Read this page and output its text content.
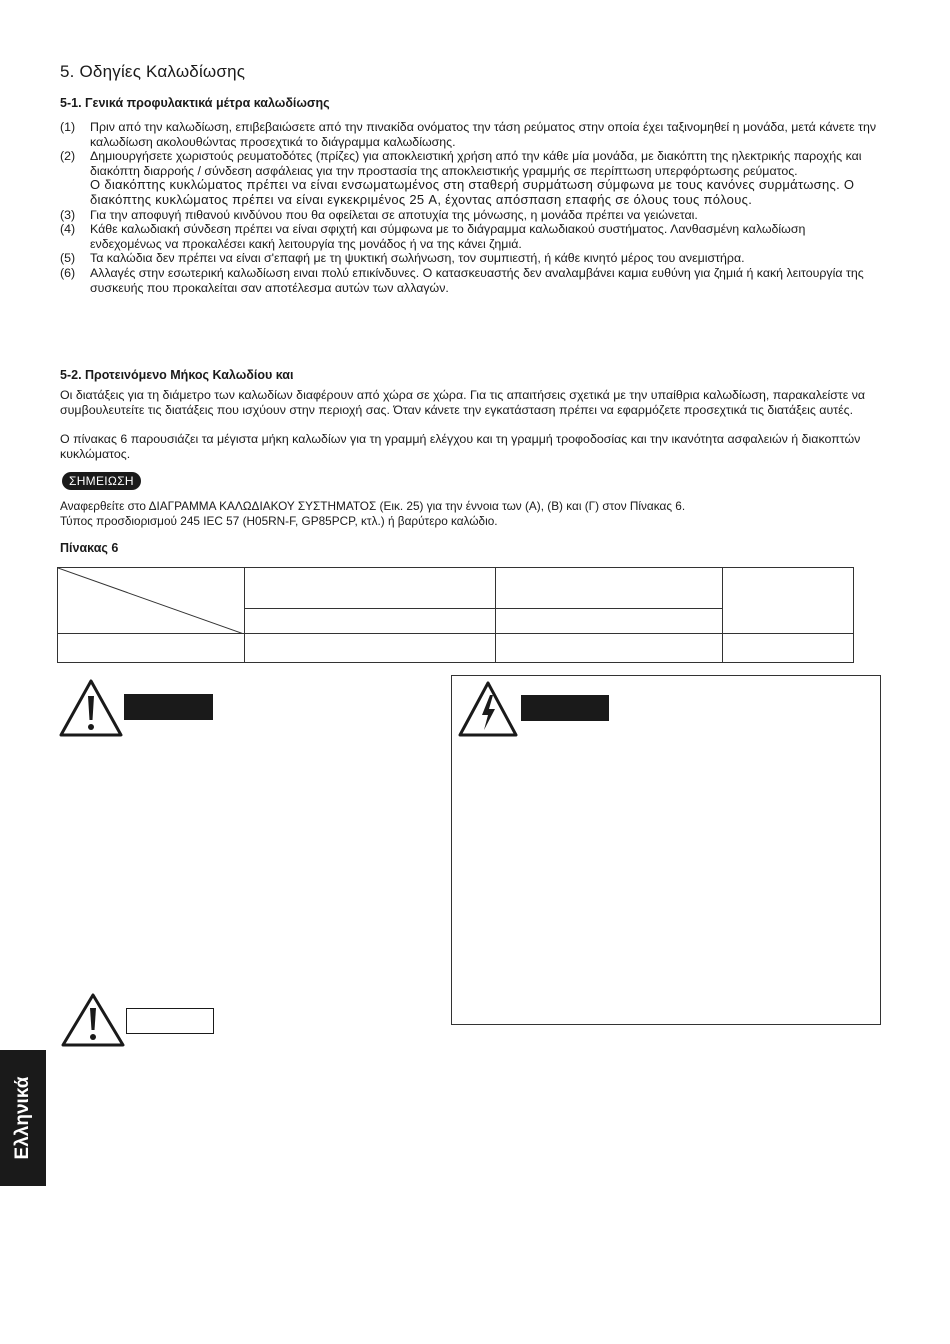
5. Οδηγίες Καλωδίωσης
5-1. Γενικά προφυλακτικά μέτρα καλωδίωσης
(1)	Πριν από την καλωδίωση, επιβεβαιώσετε από την πινακίδα ονόματος την τάση ρεύματος στην οποία έχει ταξινομηθεί η μονάδα, μετά κάνετε την καλωδίωση ακολουθώντας προσεχτικά το διάγραμμα καλωδίωσης.
(2)	Δημιουργήσετε χωριστούς ρευματοδότες (πρίζες) για αποκλειστική χρήση από την κάθε μία μονάδα, με διακόπτη της ηλεκτρικής παροχής και διακόπτη διαρροής / σύνδεση ασφάλειας για την προστασία της αποκλειστικής γραμμής σε περίπτωση υπερφόρτωσης ρεύματος.
Ο διακόπτης κυκλώματος πρέπει να είναι ενσωματωμένος στη σταθερή συρμάτωση σύμφωνα με τους κανόνες συρμάτωσης. Ο διακόπτης κυκλώματος πρέπει να είναι εγκεκριμένος 25 A, έχοντας απόσπαση επαφής σε όλους τους πόλους.
(3)	Για την αποφυγή πιθανού κινδύνου που θα οφείλεται σε αποτυχία της μόνωσης, η μονάδα πρέπει να γειώνεται.
(4)	Κάθε καλωδιακή σύνδεση πρέπει να είναι σφιχτή και σύμφωνα με το διάγραμμα καλωδιακού συστήματος. Λανθασμένη καλωδίωση ενδεχομένως να προκαλέσει κακή λειτουργία της μονάδος ή να της κάνει ζημιά.
(5)	Τα καλώδια δεν πρέπει να είναι σ'επαφή με τη ψυκτική σωλήνωση, τον συμπιεστή, ή κάθε κινητό μέρος του ανεμιστήρα.
(6)	Αλλαγές στην εσωτερική καλωδίωση ειναι πολύ επικίνδυνες. Ο κατασκευαστής δεν αναλαμβάνει καμια ευθύνη για ζημιά ή κακή λειτουργία της συσκευής που προκαλείται σαν αποτέλεσμα αυτών των αλλαγών.
5-2. Προτεινόμενο Μήκος Καλωδίου και

Οι διατάξεις για τη διάμετρο των καλωδίων διαφέρουν από χώρα σε χώρα. Για τις απαιτήσεις σχετικά με την υπαίθρια καλωδίωση, παρακαλείστε να συμβουλευτείτε τις διατάξεις που ισχύουν στην περιοχή σας. Όταν κάνετε την εγκατάσταση πρέπει να εφαρμόζετε προσεχτικά τις διατάξεις αυτές.

Ο πίνακας 6 παρουσιάζει τα μέγιστα μήκη καλωδίων για τη γραμμή ελέγχου και τη γραμμή τροφοδοσίας και την ικανότητα ασφαλειών ή διακοπτών κυκλώματος.

ΣΗΜΕΙΩΣΗ

Αναφερθείτε στο ΔΙΑΓΡΑΜΜΑ ΚΑΛΩΔΙΑΚΟΥ ΣΥΣΤΗΜΑΤΟΣ (Εικ. 25) για την έννοια των (A), (B) και (Γ) στον Πίνακας 6.
Τύπος προσδιορισμού 245 IEC 57 (H05RN-F, GP85PCP, κτλ.) ή βαρύτερο καλώδιο.

Πίνακας 6

Ελληνικά
